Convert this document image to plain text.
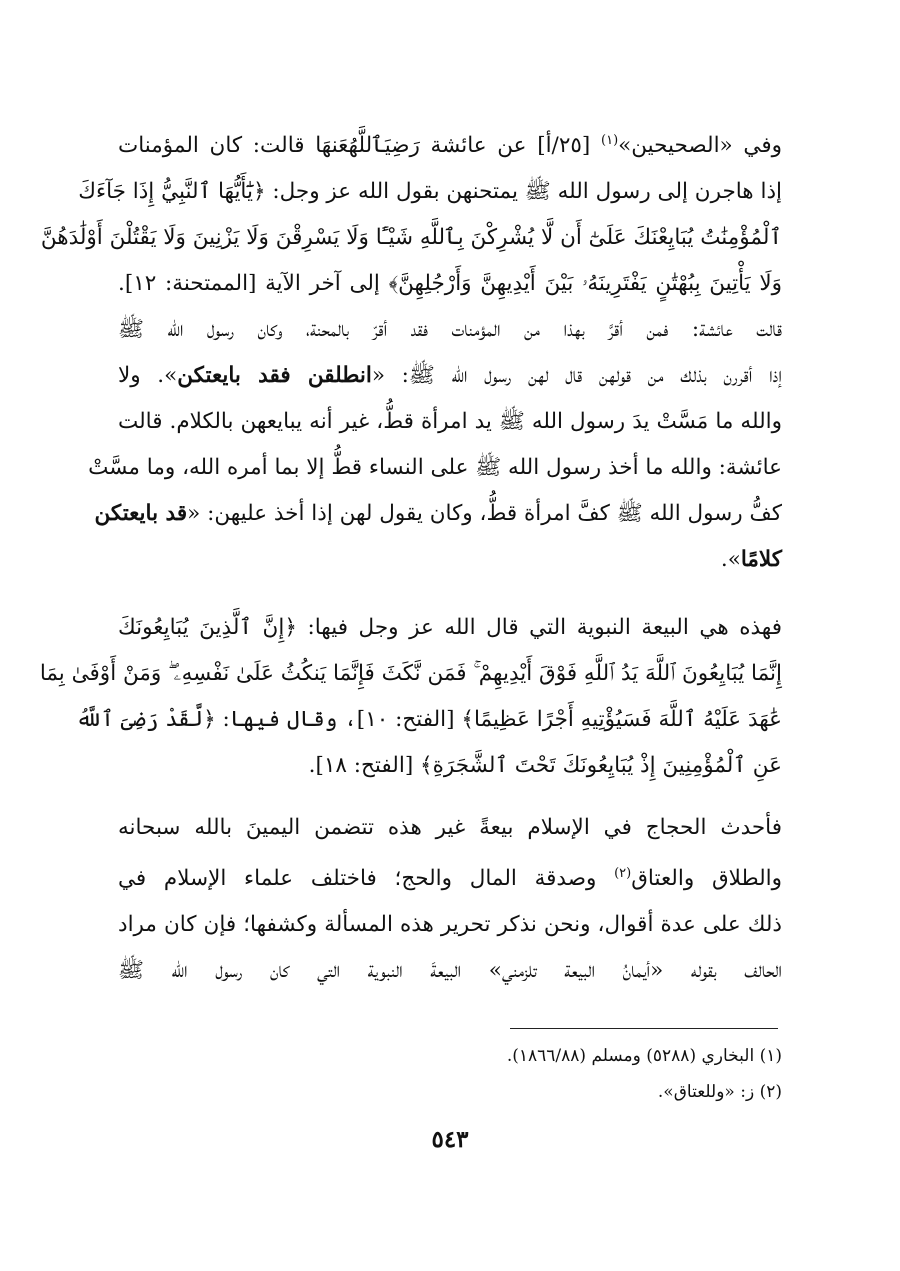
وفي «الصحيحين»$^{(١)}$ [٢٥/أ] عن عائشة رَضِيَٱللَّهُعَنهَا قالت: كان المؤمنات
إذا هاجرن إلى رسول الله ﷺ يمتحنهن بقول الله عز وجل: ﴿يَٰٓأَيُّهَا ٱلنَّبِيُّ إِذَا جَآءَكَ
ٱلْمُؤْمِنَٰتُ يُبَايِعْنَكَ عَلَىٰٓ أَن لَّا يُشْرِكْنَ بِٱللَّهِ شَيْـًٔا وَلَا يَسْرِقْنَ وَلَا يَزْنِينَ وَلَا يَقْتُلْنَ أَوْلَٰدَهُنَّ
وَلَا يَأْتِينَ بِبُهْتَٰنٍ يَفْتَرِينَهُۥ بَيْنَ أَيْدِيهِنَّ وَأَرْجُلِهِنَّ﴾ إلى آخر الآية [الممتحنة: ١٢].
قالت عائشة: فمن أقرَّ بهذا من المؤمنات فقد أقرّ بالمحنة، وكان رسول الله ﷺ
إذا أقررن بذلك من قولهن قال لهن رسول الله ﷺ: «انطلقن فقد بايعتكن». ولا
والله ما مَسَّتْ يدَ رسول الله ﷺ يد امرأة قطُّ، غير أنه يبايعهن بالكلام. قالت
عائشة: والله ما أخذ رسول الله ﷺ على النساء قطُّ إلا بما أمره الله، وما مسَّتْ
كفُّ رسول الله ﷺ كفَّ امرأة قطُّ، وكان يقول لهن إذا أخذ عليهن: «قد بايعتكن
كلامًا».

فهذه هي البيعة النبوية التي قال الله عز وجل فيها: ﴿إِنَّ ٱلَّذِينَ يُبَايِعُونَكَ
إِنَّمَا يُبَايِعُونَ ٱللَّهَ يَدُ ٱللَّهِ فَوْقَ أَيْدِيهِمْ ۚ فَمَن نَّكَثَ فَإِنَّمَا يَنكُثُ عَلَىٰ نَفْسِهِۦ ۖ وَمَنْ أَوْفَىٰ بِمَا
عَٰهَدَ عَلَيْهُ ٱللَّهَ فَسَيُؤْتِيهِ أَجْرًا عَظِيمًا﴾ [الفتح: ١٠]، وقال فيها: ﴿لَّقَدْ رَضِىَ ٱللَّهُ
عَنِ ٱلْمُؤْمِنِينَ إِذْ يُبَايِعُونَكَ تَحْتَ ٱلشَّجَرَةِ﴾ [الفتح: ١٨].

فأحدث الحجاج في الإسلام بيعةً غير هذه تتضمن اليمينَ بالله سبحانه
والطلاق والعتاق$^{(٢)}$ وصدقة المال والحج؛ فاختلف علماء الإسلام في
ذلك على عدة أقوال، ونحن نذكر تحرير هذه المسألة وكشفها؛ فإن كان مراد
الحالف بقوله «أيمانُ البيعة تلزمني» البيعةَ النبوية التي كان رسول الله ﷺ

(١) البخاري (٥٢٨٨) ومسلم (١٨٦٦/٨٨).
(٢) ز: «وللعتاق».
٥٤٣
